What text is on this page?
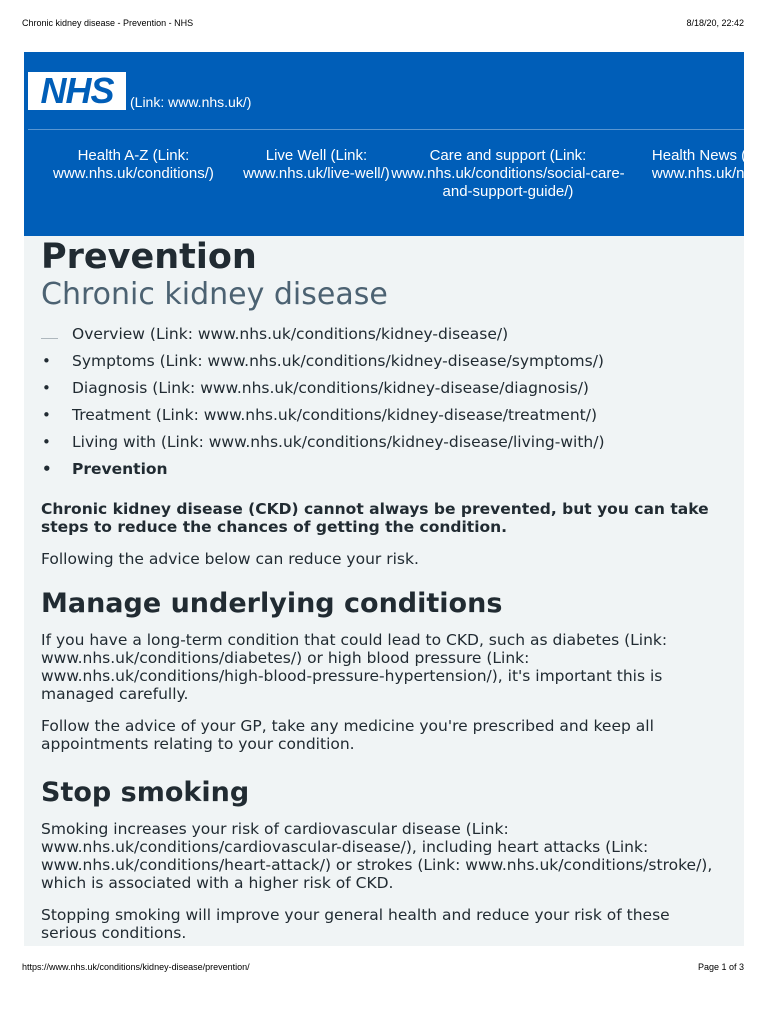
Chronic kidney disease - Prevention - NHS	8/18/20, 22:42
NHS (Link: www.nhs.uk/)
Health A-Z (Link: www.nhs.uk/conditions/)
Live Well (Link: www.nhs.uk/live-well/)
Care and support (Link: www.nhs.uk/conditions/social-care-and-support-guide/)
Health News (Link: www.nhs.uk/news/)
Prevention
Chronic kidney disease
Overview (Link: www.nhs.uk/conditions/kidney-disease/)
• Symptoms (Link: www.nhs.uk/conditions/kidney-disease/symptoms/)
• Diagnosis (Link: www.nhs.uk/conditions/kidney-disease/diagnosis/)
• Treatment (Link: www.nhs.uk/conditions/kidney-disease/treatment/)
• Living with (Link: www.nhs.uk/conditions/kidney-disease/living-with/)
• Prevention

Chronic kidney disease (CKD) cannot always be prevented, but you can take steps to reduce the chances of getting the condition.

Following the advice below can reduce your risk.

Manage underlying conditions

If you have a long-term condition that could lead to CKD, such as diabetes (Link: www.nhs.uk/conditions/diabetes/) or high blood pressure (Link: www.nhs.uk/conditions/high-blood-pressure-hypertension/), it's important this is managed carefully.

Follow the advice of your GP, take any medicine you're prescribed and keep all appointments relating to your condition.

Stop smoking

Smoking increases your risk of cardiovascular disease (Link: www.nhs.uk/conditions/cardiovascular-disease/), including heart attacks (Link: www.nhs.uk/conditions/heart-attack/) or strokes (Link: www.nhs.uk/conditions/stroke/), which is associated with a higher risk of CKD.

Stopping smoking will improve your general health and reduce your risk of these serious conditions.

https://www.nhs.uk/conditions/kidney-disease/prevention/	Page 1 of 3
